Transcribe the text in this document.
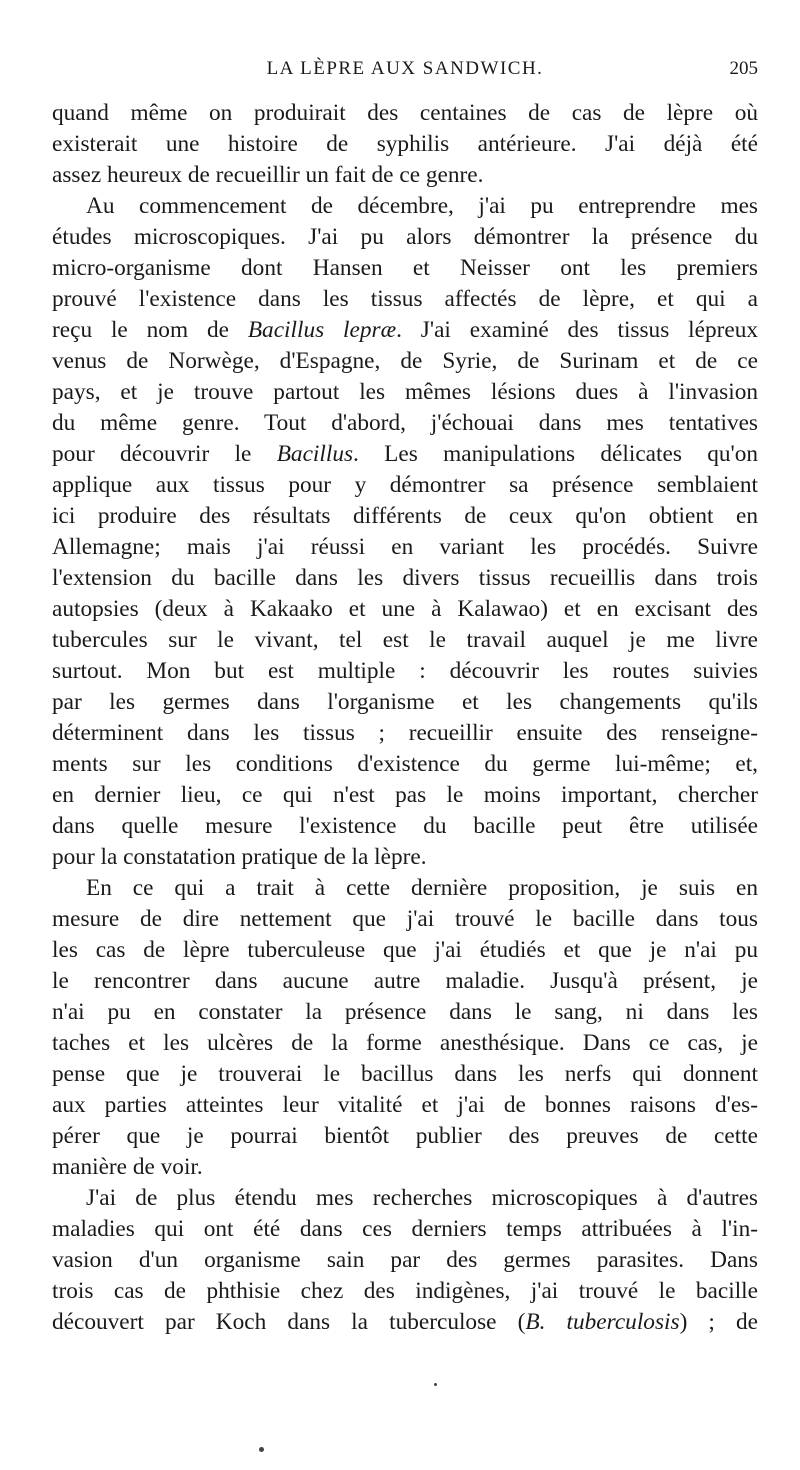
LA LÈPRE AUX SANDWICH.	205
quand même on produirait des centaines de cas de lèpre où
existerait une histoire de syphilis antérieure. J'ai déjà été
assez heureux de recueillir un fait de ce genre.
Au commencement de décembre, j'ai pu entreprendre mes
études microscopiques. J'ai pu alors démontrer la présence du
micro-organisme dont Hansen et Neisser ont les premiers
prouvé l'existence dans les tissus affectés de lèpre, et qui a
reçu le nom de Bacillus lepræ. J'ai examiné des tissus lépreux
venus de Norwège, d'Espagne, de Syrie, de Surinam et de ce
pays, et je trouve partout les mêmes lésions dues à l'invasion
du même genre. Tout d'abord, j'échouai dans mes tentatives
pour découvrir le Bacillus. Les manipulations délicates qu'on
applique aux tissus pour y démontrer sa présence semblaient
ici produire des résultats différents de ceux qu'on obtient en
Allemagne; mais j'ai réussi en variant les procédés. Suivre
l'extension du bacille dans les divers tissus recueillis dans trois
autopsies (deux à Kakaako et une à Kalawao) et en excisant des
tubercules sur le vivant, tel est le travail auquel je me livre
surtout. Mon but est multiple : découvrir les routes suivies
par les germes dans l'organisme et les changements qu'ils
déterminent dans les tissus ; recueillir ensuite des renseigne-
ments sur les conditions d'existence du germe lui-même; et,
en dernier lieu, ce qui n'est pas le moins important, chercher
dans quelle mesure l'existence du bacille peut être utilisée
pour la constatation pratique de la lèpre.
En ce qui a trait à cette dernière proposition, je suis en
mesure de dire nettement que j'ai trouvé le bacille dans tous
les cas de lèpre tuberculeuse que j'ai étudiés et que je n'ai pu
le rencontrer dans aucune autre maladie. Jusqu'à présent, je
n'ai pu en constater la présence dans le sang, ni dans les
taches et les ulcères de la forme anesthésique. Dans ce cas, je
pense que je trouverai le bacillus dans les nerfs qui donnent
aux parties atteintes leur vitalité et j'ai de bonnes raisons d'es-
pérer que je pourrai bientôt publier des preuves de cette
manière de voir.
J'ai de plus étendu mes recherches microscopiques à d'autres
maladies qui ont été dans ces derniers temps attribuées à l'in-
vasion d'un organisme sain par des germes parasites. Dans
trois cas de phthisie chez des indigènes, j'ai trouvé le bacille
découvert par Koch dans la tuberculose (B. tuberculosis) ; de
